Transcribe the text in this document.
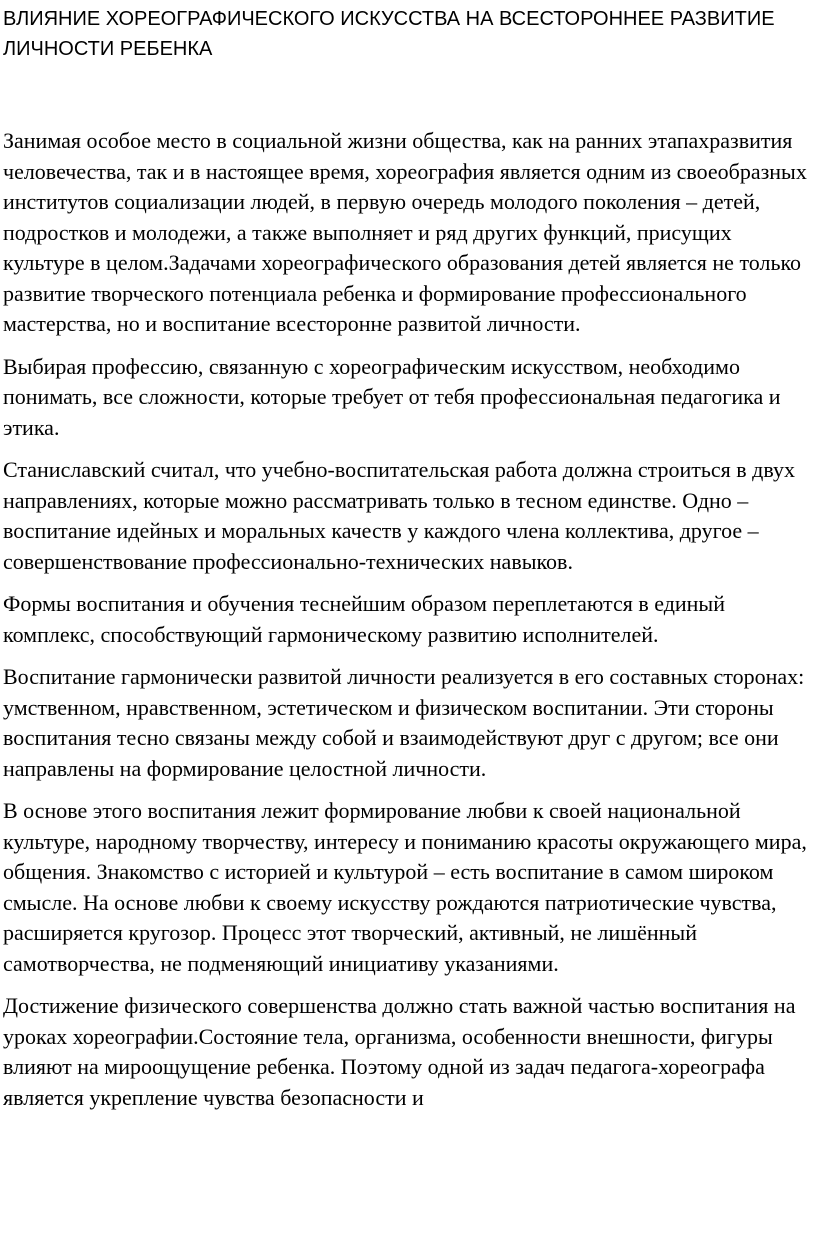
ВЛИЯНИЕ ХОРЕОГРАФИЧЕСКОГО ИСКУССТВА НА ВСЕСТОРОННЕЕ РАЗВИТИЕ ЛИЧНОСТИ РЕБЕНКА

Занимая особое место в социальной жизни общества, как на ранних этапахразвития человечества, так и в настоящее время, хореография является одним из своеобразных институтов социализации людей, в первую очередь молодого поколения – детей, подростков и молодежи, а также выполняет и ряд других функций, присущих культуре в целом.Задачами хореографического образования детей является не только развитие творческого потенциала ребенка и формирование профессионального мастерства, но и воспитание всесторонне развитой личности.

Выбирая профессию, связанную с хореографическим искусством, необходимо понимать, все сложности, которые требует от тебя профессиональная педагогика и этика.

Станиславский считал, что учебно-воспитательская работа должна строиться в двух направлениях, которые можно рассматривать только в тесном единстве. Одно – воспитание идейных и моральных качеств у каждого члена коллектива, другое – совершенствование профессионально-технических навыков.

Формы воспитания и обучения теснейшим образом переплетаются в единый комплекс, способствующий гармоническому развитию исполнителей.

Воспитание гармонически развитой личности реализуется в его составных сторонах: умственном, нравственном, эстетическом и физическом воспитании. Эти стороны воспитания тесно связаны между собой и взаимодействуют друг с другом; все они направлены на формирование целостной личности.

В основе этого воспитания лежит формирование любви к своей национальной культуре, народному творчеству, интересу и пониманию красоты окружающего мира, общения. Знакомство с историей и культурой – есть воспитание в самом широком смысле. На основе любви к своему искусству рождаются патриотические чувства, расширяется кругозор. Процесс этот творческий, активный, не лишённый самотворчества, не подменяющий инициативу указаниями.

Достижение физического совершенства должно стать важной частью воспитания на уроках хореографии.Состояние тела, организма, особенности внешности, фигуры влияют на мироощущение ребенка. Поэтому одной из задач педагога-хореографа является укрепление чувства безопасности и
